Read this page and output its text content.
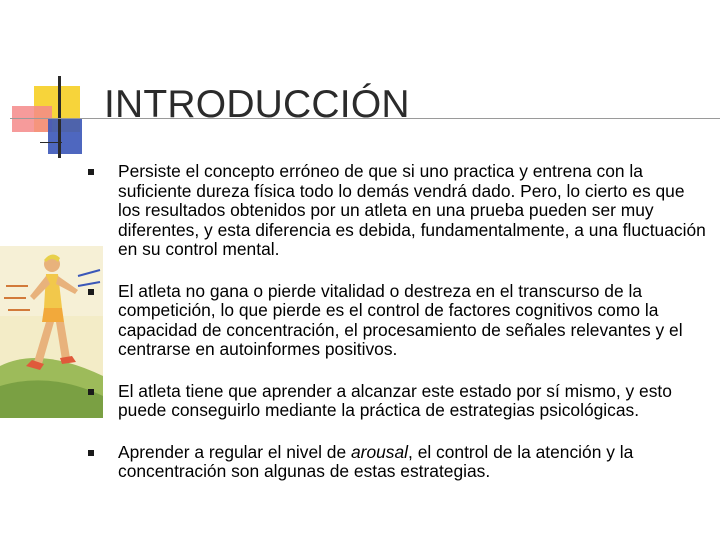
INTRODUCCIÓN

Persiste el concepto erróneo de que si uno practica y entrena con la suficiente dureza física todo lo demás vendrá dado. Pero, lo cierto es que los resultados obtenidos por un atleta en una prueba pueden ser muy diferentes, y esta diferencia es debida, fundamentalmente, a una fluctuación en su control mental.

El atleta no gana o pierde vitalidad o destreza en el transcurso de la competición, lo que pierde es el control de factores cognitivos como la capacidad de concentración, el procesamiento de señales relevantes y el centrarse en autoinformes positivos.

El atleta tiene que aprender a alcanzar este estado por sí mismo, y esto puede conseguirlo mediante la práctica de estrategias psicológicas.

Aprender a regular el nivel de arousal, el control de la atención y la concentración son algunas de estas estrategias.
